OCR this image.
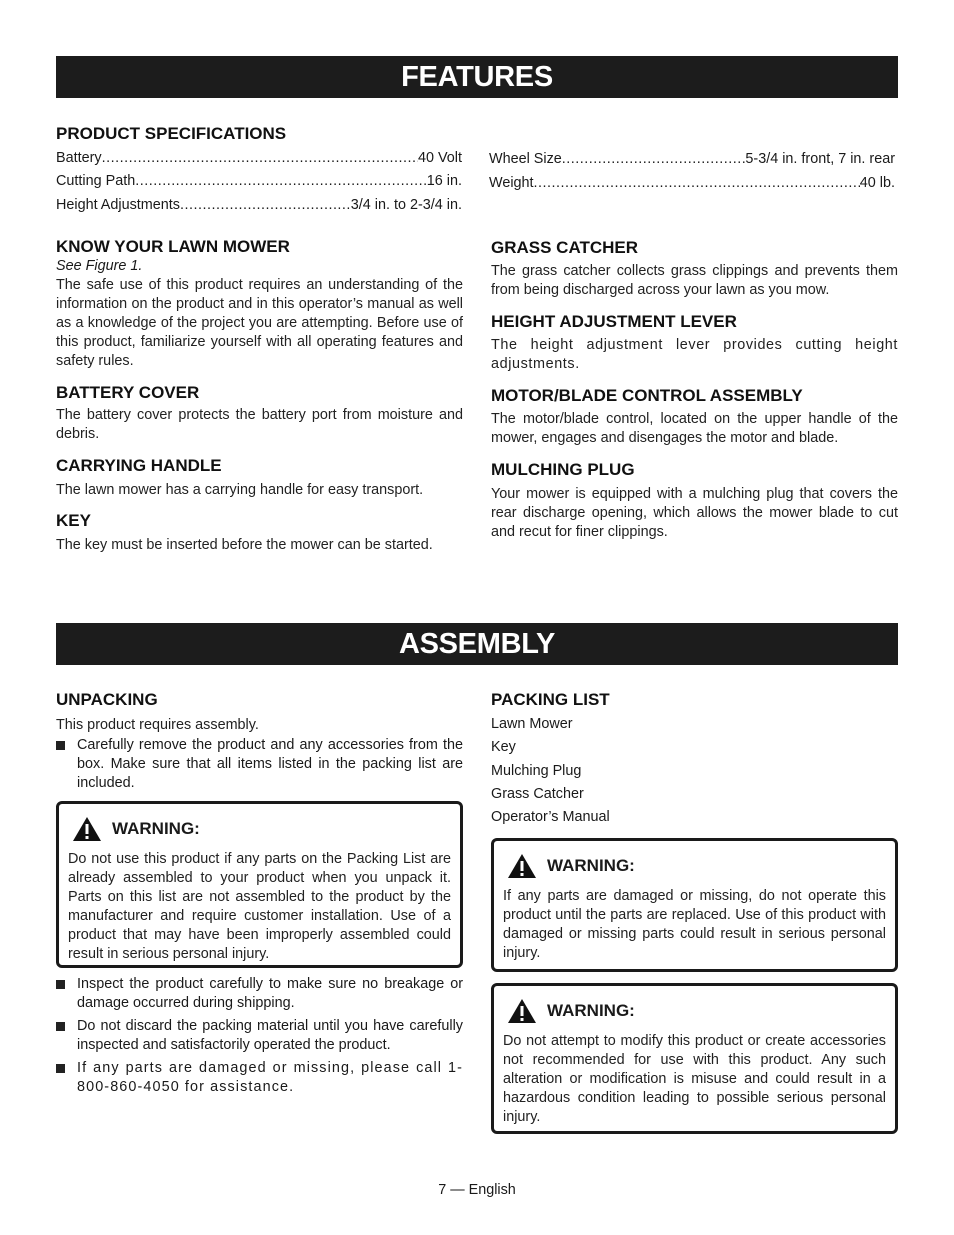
FEATURES
PRODUCT SPECIFICATIONS
Battery .....	40 Volt
Cutting Path .....	16 in.
Height Adjustments .....	3/4 in. to 2-3/4 in.
Wheel Size .....	5-3/4 in. front, 7 in. rear
Weight .....	40 lb.
KNOW YOUR LAWN MOWER
See Figure 1.
The safe use of this product requires an understanding of the information on the product and in this operator’s manual as well as a knowledge of the project you are attempting. Before use of this product, familiarize yourself with all operating features and safety rules.
BATTERY COVER
The battery cover protects the battery port from moisture and debris.
CARRYING HANDLE
The lawn mower has a carrying handle for easy transport.
KEY
The key must be inserted before the mower can be started.
GRASS CATCHER
The grass catcher collects grass clippings and prevents them from being discharged across your lawn as you mow.
HEIGHT ADJUSTMENT LEVER
The height adjustment lever provides cutting height adjustments.
MOTOR/BLADE CONTROL ASSEMBLY
The motor/blade control, located on the upper handle of the mower, engages and disengages the motor and blade.
MULCHING PLUG
Your mower is equipped with a mulching plug that covers the rear discharge opening, which allows the mower blade to cut and recut for finer clippings.
ASSEMBLY
UNPACKING
This product requires assembly.
Carefully remove the product and any accessories from the box. Make sure that all items listed in the packing list are included.
WARNING:
Do not use this product if any parts on the Packing List are already assembled to your product when you unpack it. Parts on this list are not assembled to the product by the manufacturer and require customer installation. Use of a product that may have been improperly assembled could result in serious personal injury.
Inspect the product carefully to make sure no breakage or damage occurred during shipping.
Do not discard the packing material until you have carefully inspected and satisfactorily operated the product.
If any parts are damaged or missing, please call 1-800-860-4050 for assistance.
PACKING LIST
Lawn Mower
Key
Mulching Plug
Grass Catcher
Operator’s Manual
WARNING:
If any parts are damaged or missing, do not operate this product until the parts are replaced. Use of this product with damaged or missing parts could result in serious personal injury.
WARNING:
Do not attempt to modify this product or create accessories not recommended for use with this product. Any such alteration or modification is misuse and could result in a hazardous condition leading to possible serious personal injury.
7 — English
